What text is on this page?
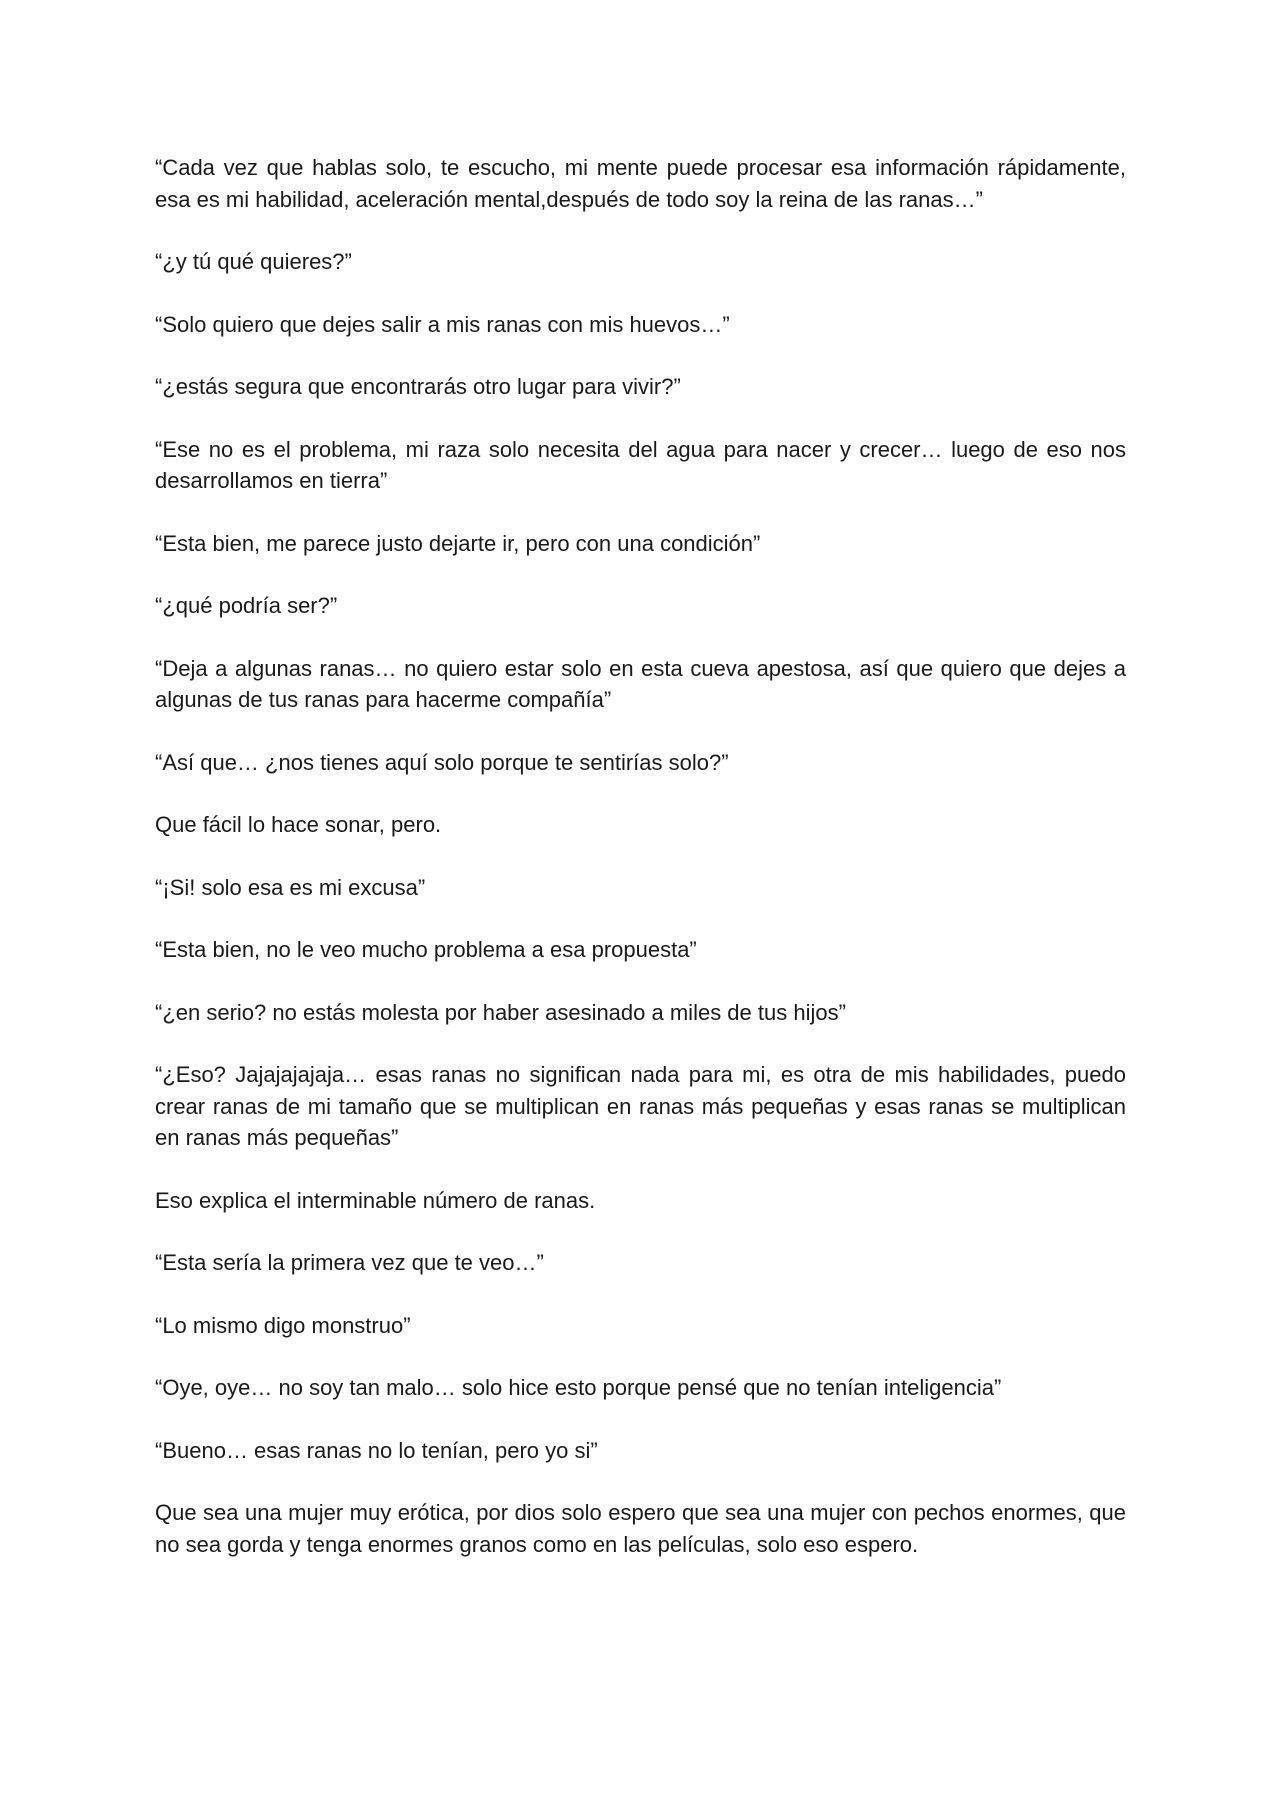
“Cada vez que hablas solo, te escucho, mi mente puede procesar esa información rápidamente, esa es mi habilidad, aceleración mental,después de todo soy la reina de las ranas…”

“¿y tú qué quieres?”

“Solo quiero que dejes salir a mis ranas con mis huevos…”

“¿estás segura que encontrarás otro lugar para vivir?”

“Ese no es el problema, mi raza solo necesita del agua para nacer y crecer… luego de eso nos desarrollamos en tierra”

“Esta bien, me parece justo dejarte ir, pero con una condición”

“¿qué podría ser?”

“Deja a algunas ranas… no quiero estar solo en esta cueva apestosa, así que quiero que dejes a algunas de tus ranas para hacerme compañía”

“Así que… ¿nos tienes aquí solo porque te sentirías solo?”

Que fácil lo hace sonar, pero.

“¡Si! solo esa es mi excusa”

“Esta bien, no le veo mucho problema a esa propuesta”

“¿en serio? no estás molesta por haber asesinado a miles de tus hijos”

“¿Eso? Jajajajajaja… esas ranas no significan nada para mi, es otra de mis habilidades, puedo crear ranas de mi tamaño que se multiplican en ranas más pequeñas y esas ranas se multiplican en ranas más pequeñas”

Eso explica el interminable número de ranas.

“Esta sería la primera vez que te veo…”

“Lo mismo digo monstruo”

“Oye, oye… no soy tan malo… solo hice esto porque pensé que no tenían inteligencia”

“Bueno… esas ranas no lo tenían, pero yo si”

Que sea una mujer muy erótica, por dios solo espero que sea una mujer con pechos enormes, que no sea gorda y tenga enormes granos como en las películas, solo eso espero.
